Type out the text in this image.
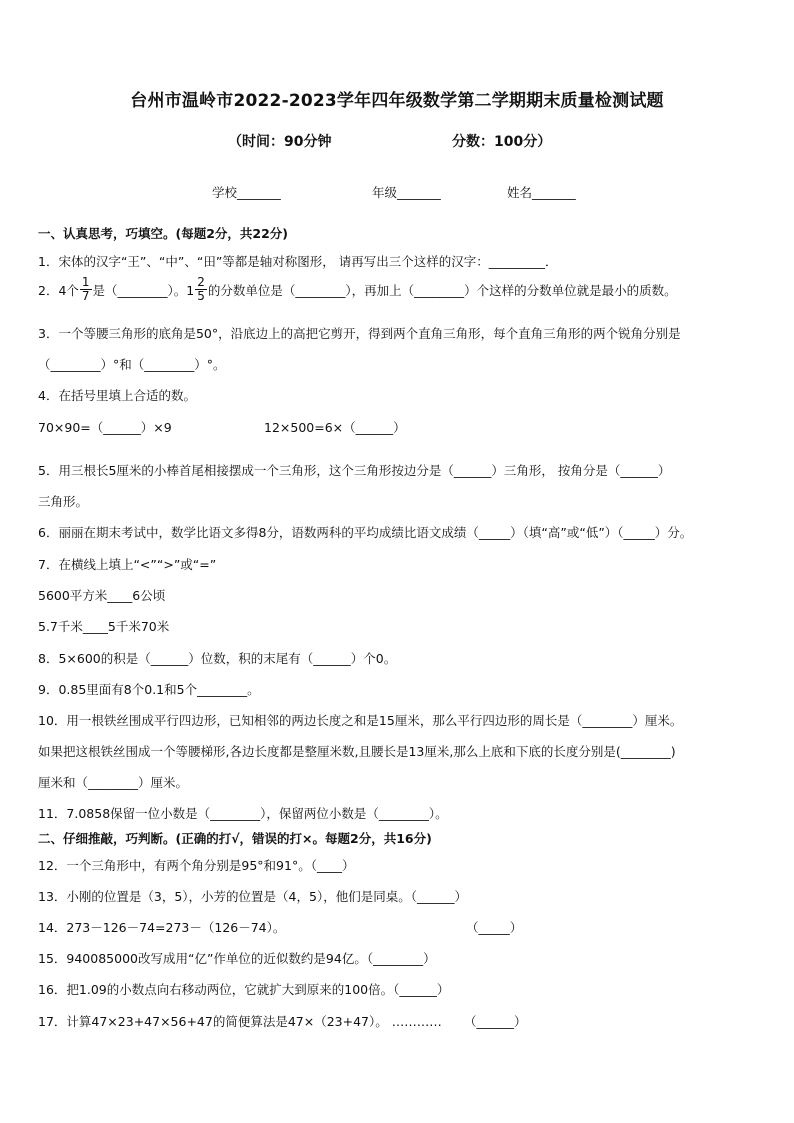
台州市温岭市2022-2023学年四年级数学第二学期期末质量检测试题
（时间：90分钟	分数：100分）
学校_______	年级_______	姓名_______
一、认真思考，巧填空。(每题2分，共22分)
1．宋体的汉字“王”、“中”、“田”等都是轴对称图形， 请再写出三个这样的汉字：_________．
2．4个 $\frac{1}{7}$ 是（________）。$1 \frac{2}{5}$ 的分数单位是（________），再加上（________）个这样的分数单位就是最小的质数。
3．一个等腰三角形的底角是50°，沿底边上的高把它剪开，得到两个直角三角形，每个直角三角形的两个锐角分别是
（________）°和（________）°。
4．在括号里填上合适的数。
70×90=（______）×9	12×500=6×（______）
5．用三根长5厘米的小棒首尾相接摆成一个三角形，这个三角形按边分是（______）三角形， 按角分是（______）
三角形。
6．丽丽在期末考试中，数学比语文多得8分，语数两科的平均成绩比语文成绩（_____）（填“高”或“低”）（_____）分。
7．在横线上填上“<”“>”或“=”
5600平方米____6公顷
5.7千米____5千米70米
8．5×600的积是（______）位数，积的末尾有（______）个0。
9．0.85里面有8个0.1和5个________。
10．用一根铁丝围成平行四边形，已知相邻的两边长度之和是15厘米，那么平行四边形的周长是（________）厘米。
如果把这根铁丝围成一个等腰梯形,各边长度都是整厘米数,且腰长是13厘米,那么上底和下底的长度分别是(________)
厘米和（________）厘米。
11．7.0858保留一位小数是（________），保留两位小数是（________）。
二、仔细推敲，巧判断。(正确的打√，错误的打×。每题2分，共16分)
12．一个三角形中，有两个角分别是95°和91°。（____）
13．小刚的位置是（3，5），小芳的位置是（4，5），他们是同桌。（______）
14．273－126－74=273－（126－74）。	（_____）
15．940085000改写成用“亿”作单位的近似数约是94亿。（________）
16．把1.09的小数点向右移动两位，它就扩大到原来的100倍。（______）
17．计算47×23+47×56+47的简便算法是47×（23+47）。 ………… （______）
